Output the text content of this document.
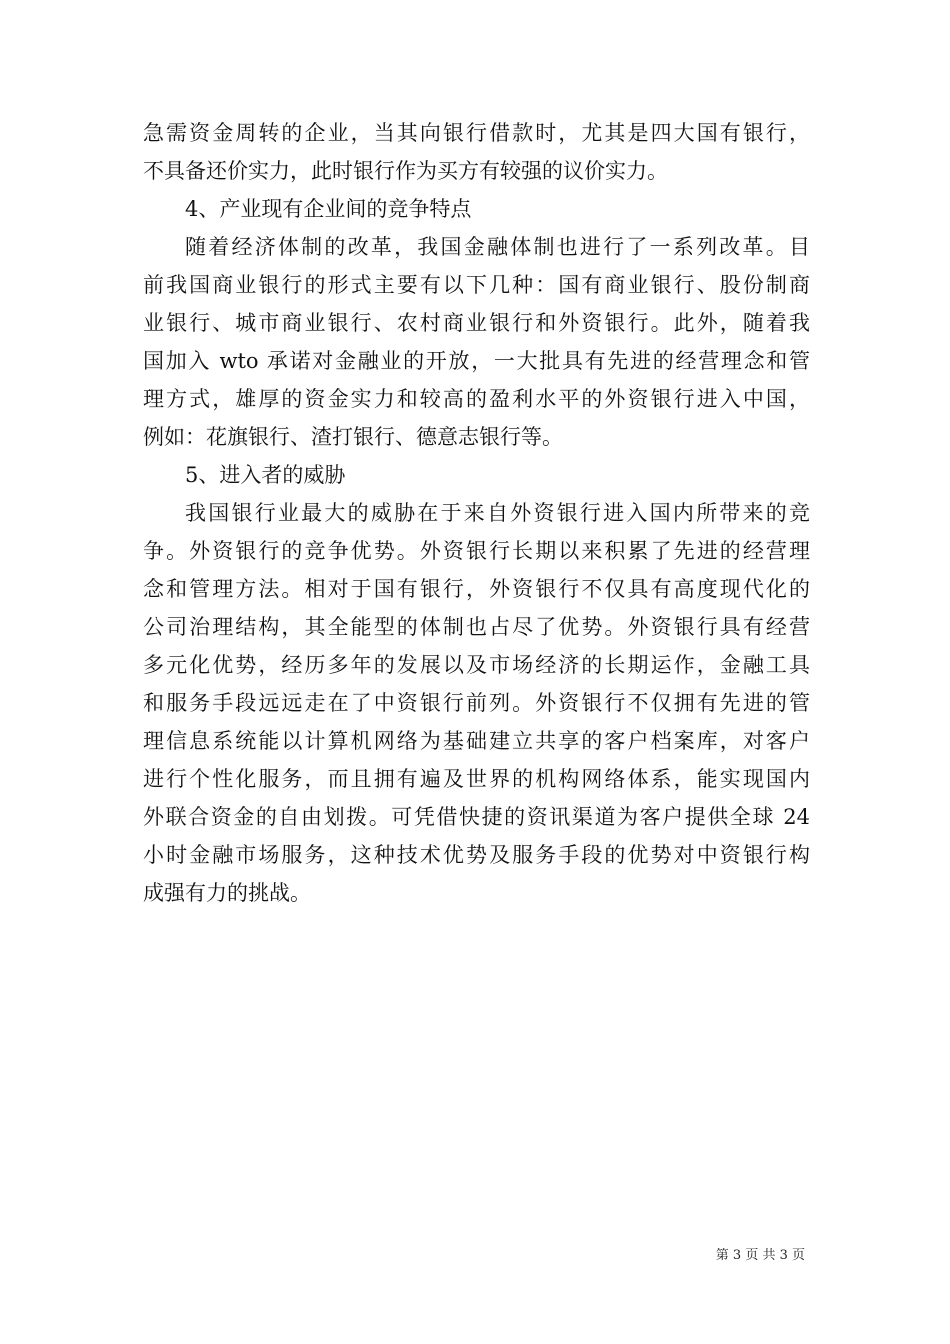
急需资金周转的企业，当其向银行借款时，尤其是四大国有银行，
不具备还价实力，此时银行作为买方有较强的议价实力。
4、产业现有企业间的竞争特点
随着经济体制的改革，我国金融体制也进行了一系列改革。目
前我国商业银行的形式主要有以下几种：国有商业银行、股份制商
业银行、城市商业银行、农村商业银行和外资银行。此外，随着我
国加入 wto 承诺对金融业的开放，一大批具有先进的经营理念和管
理方式，雄厚的资金实力和较高的盈利水平的外资银行进入中国，
例如：花旗银行、渣打银行、德意志银行等。
5、进入者的威胁
我国银行业最大的威胁在于来自外资银行进入国内所带来的竞
争。外资银行的竞争优势。外资银行长期以来积累了先进的经营理
念和管理方法。相对于国有银行，外资银行不仅具有高度现代化的
公司治理结构，其全能型的体制也占尽了优势。外资银行具有经营
多元化优势，经历多年的发展以及市场经济的长期运作，金融工具
和服务手段远远走在了中资银行前列。外资银行不仅拥有先进的管
理信息系统能以计算机网络为基础建立共享的客户档案库，对客户
进行个性化服务，而且拥有遍及世界的机构网络体系，能实现国内
外联合资金的自由划拨。可凭借快捷的资讯渠道为客户提供全球 24
小时金融市场服务，这种技术优势及服务手段的优势对中资银行构
成强有力的挑战。
第 3 页 共 3 页
